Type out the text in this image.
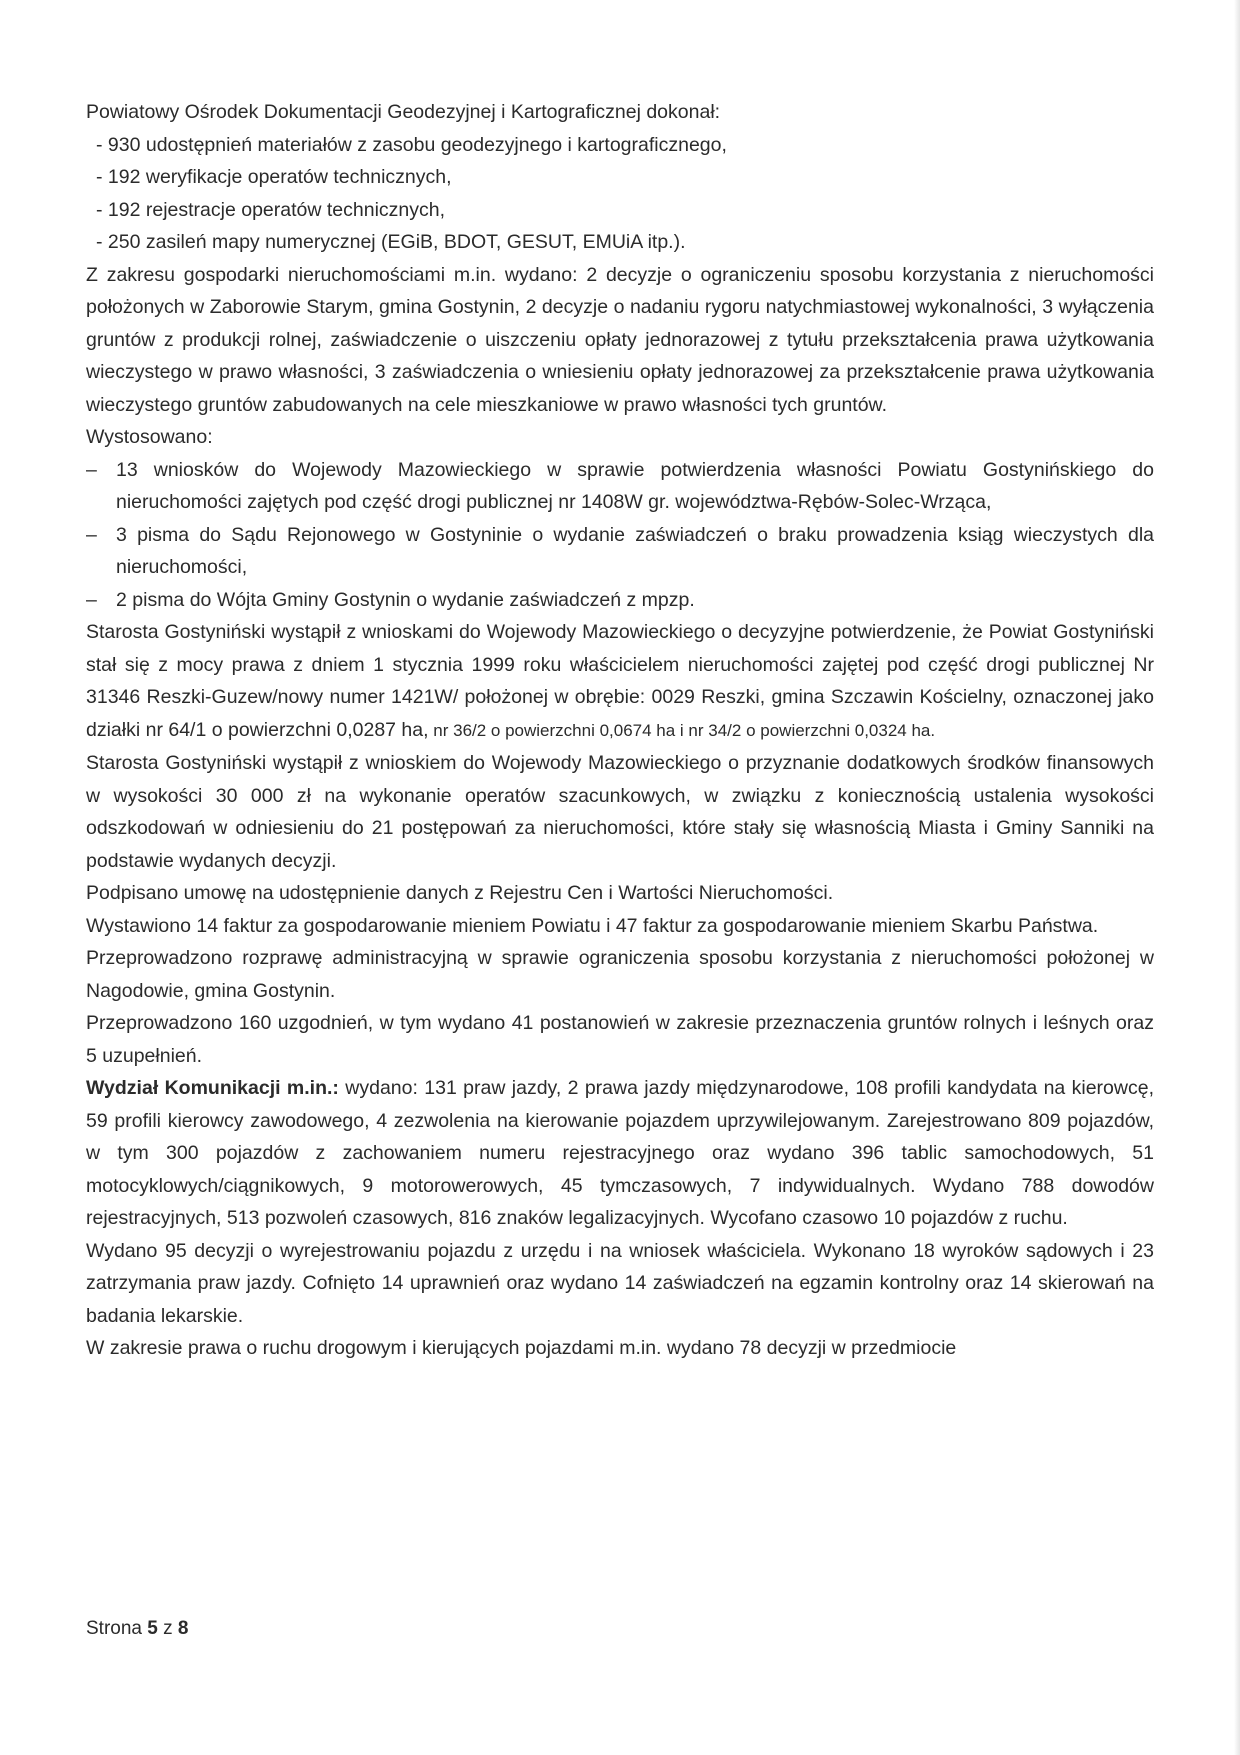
Powiatowy Ośrodek Dokumentacji Geodezyjnej i Kartograficznej dokonał:

- 930 udostępnień materiałów z zasobu geodezyjnego i kartograficznego,

- 192 weryfikacje operatów technicznych,

- 192 rejestracje operatów technicznych,

- 250 zasileń mapy numerycznej (EGiB, BDOT, GESUT, EMUiA itp.).

Z zakresu gospodarki nieruchomościami m.in. wydano: 2 decyzje o ograniczeniu sposobu korzystania z nieruchomości położonych w Zaborowie Starym, gmina Gostynin, 2 decyzje o nadaniu rygoru natychmiastowej wykonalności, 3 wyłączenia gruntów z produkcji rolnej, zaświadczenie o uiszczeniu opłaty jednorazowej z tytułu przekształcenia prawa użytkowania wieczystego w prawo własności, 3 zaświadczenia o wniesieniu opłaty jednorazowej za przekształcenie prawa użytkowania wieczystego gruntów zabudowanych na cele mieszkaniowe w prawo własności tych gruntów.

Wystosowano:

– 13 wniosków do Wojewody Mazowieckiego w sprawie potwierdzenia własności Powiatu Gostynińskiego do nieruchomości zajętych pod część drogi publicznej nr 1408W gr. województwa-Rębów-Solec-Wrząca,
– 3 pisma do Sądu Rejonowego w Gostyninie o wydanie zaświadczeń o braku prowadzenia ksiąg wieczystych dla nieruchomości,
– 2 pisma do Wójta Gminy Gostynin o wydanie zaświadczeń z mpzp.

Starosta Gostyniński wystąpił z wnioskami do Wojewody Mazowieckiego o decyzyjne potwierdzenie, że Powiat Gostyniński stał się z mocy prawa z dniem 1 stycznia 1999 roku właścicielem nieruchomości zajętej pod część drogi publicznej Nr 31346 Reszki-Guzew/nowy numer 1421W/ położonej w obrębie: 0029 Reszki, gmina Szczawin Kościelny, oznaczonej jako działki nr 64/1 o powierzchni 0,0287 ha, nr 36/2 o powierzchni 0,0674 ha i nr 34/2 o powierzchni 0,0324 ha.

Starosta Gostyniński wystąpił z wnioskiem do Wojewody Mazowieckiego o przyznanie dodatkowych środków finansowych w wysokości 30 000 zł na wykonanie operatów szacunkowych, w związku z koniecznością ustalenia wysokości odszkodowań w odniesieniu do 21 postępowań za nieruchomości, które stały się własnością Miasta i Gminy Sanniki na podstawie wydanych decyzji.

Podpisano umowę na udostępnienie danych z Rejestru Cen i Wartości Nieruchomości.

Wystawiono 14 faktur za gospodarowanie mieniem Powiatu i 47 faktur za gospodarowanie mieniem Skarbu Państwa.

Przeprowadzono rozprawę administracyjną w sprawie ograniczenia sposobu korzystania z nieruchomości położonej w Nagodowie, gmina Gostynin.

Przeprowadzono 160 uzgodnień, w tym wydano 41 postanowień w zakresie przeznaczenia gruntów rolnych i leśnych oraz 5 uzupełnień.

Wydział Komunikacji m.in.: wydano: 131 praw jazdy, 2 prawa jazdy międzynarodowe, 108 profili kandydata na kierowcę, 59 profili kierowcy zawodowego, 4 zezwolenia na kierowanie pojazdem uprzywilejowanym. Zarejestrowano 809 pojazdów, w tym 300 pojazdów z zachowaniem numeru rejestracyjnego oraz wydano 396 tablic samochodowych, 51 motocyklowych/ciągnikowych, 9 motorowerowych, 45 tymczasowych, 7 indywidualnych. Wydano 788 dowodów rejestracyjnych, 513 pozwoleń czasowych, 816 znaków legalizacyjnych. Wycofano czasowo 10 pojazdów z ruchu.

Wydano 95 decyzji o wyrejestrowaniu pojazdu z urzędu i na wniosek właściciela. Wykonano 18 wyroków sądowych i 23 zatrzymania praw jazdy. Cofnięto 14 uprawnień oraz wydano 14 zaświadczeń na egzamin kontrolny oraz 14 skierowań na badania lekarskie.

W zakresie prawa o ruchu drogowym i kierujących pojazdami m.in. wydano 78 decyzji w przedmiocie

Strona 5 z 8
